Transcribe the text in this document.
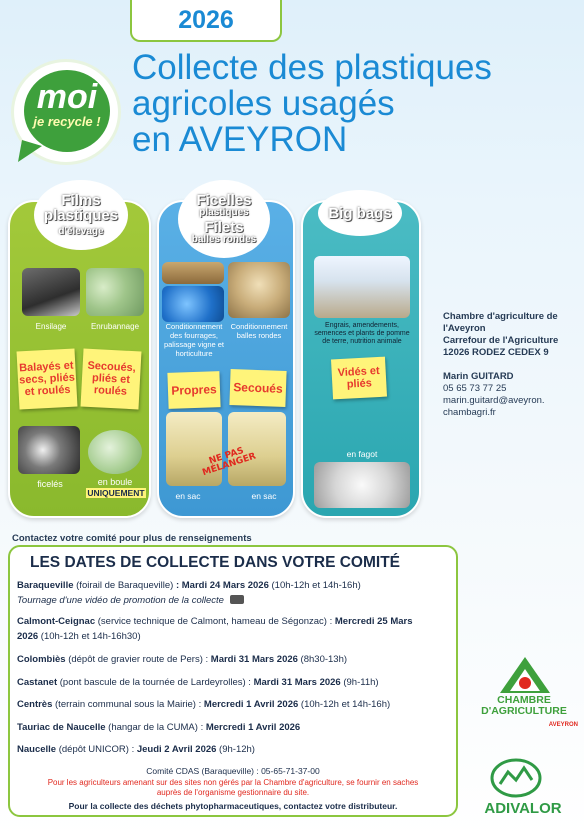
2026
Collecte des plastiques
agricoles usagés
en AVEYRON
moi
je recycle !
Films
plastiques
d'élevage
Ensilage	Enrubannage
Balayés et secs, pliés et roulés
Secoués, pliés et roulés
ficelés	en boule
UNIQUEMENT
Ficelles
plastiques
Filets
balles rondes
Conditionnement des fourrages, palissage vigne et horticulture
Conditionnement balles rondes
Propres	Secoués
NE PAS MÉLANGER
en sac	en sac
Big bags
Engrais, amendements, semences et plants de pomme de terre, nutrition animale
Vidés et pliés
en fagot
Chambre d'agriculture de
l'Aveyron
Carrefour de l'Agriculture
12026 RODEZ CEDEX 9
Marin GUITARD
05 65 73 77 25
marin.guitard@aveyron.
chambagri.fr
Contactez votre comité pour plus de renseignements
LES DATES DE COLLECTE DANS VOTRE COMITÉ
Baraqueville (foirail de Baraqueville) : Mardi 24 Mars 2026 (10h-12h et 14h-16h)
Tournage d'une vidéo de promotion de la collecte
Calmont-Ceignac (service technique de Calmont, hameau de Ségonzac) : Mercredi 25 Mars
2026 (10h-12h et 14h-16h30)
Colombiès (dépôt de gravier route de Pers) : Mardi 31 Mars 2026 (8h30-13h)
Castanet (pont bascule de la tournée de Lardeyrolles) : Mardi 31 Mars 2026 (9h-11h)
Centrès (terrain communal sous la Mairie) : Mercredi 1 Avril 2026 (10h-12h et 14h-16h)
Tauriac de Naucelle (hangar de la CUMA) : Mercredi 1 Avril 2026
Naucelle (dépôt UNICOR) : Jeudi 2 Avril 2026 (9h-12h)
Comité CDAS (Baraqueville) : 05-65-71-37-00
Pour les agriculteurs amenant sur des sites non gérés par la Chambre d'agriculture, se fournir en saches
auprès de l'organisme gestionnaire du site.
Pour la collecte des déchets phytopharmaceutiques, contactez votre distributeur.
CHAMBRE
D'AGRICULTURE
AVEYRON
ADIVALOR
